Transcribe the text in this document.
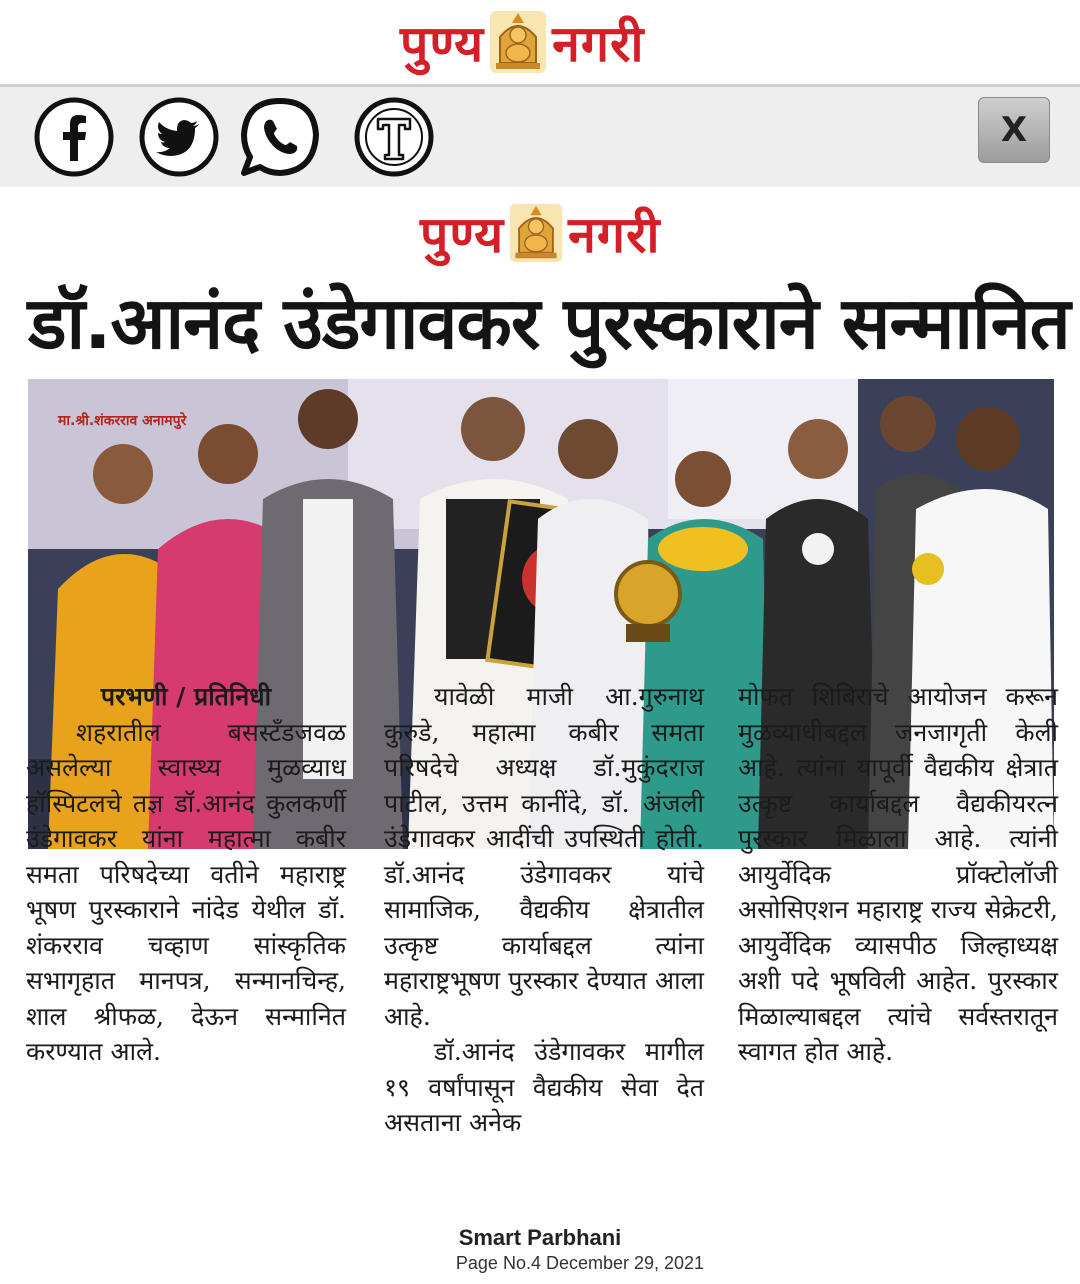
पुण्य नगरी
X
पुण्य नगरी
डॉ.आनंद उंडेगावकर पुरस्काराने सन्मानित
मा.श्री.शंकरराव अनामपुरे
परभणी / प्रतिनिधी
शहरातील बसस्टँडजवळ असलेल्या स्वास्थ्य मुळव्याध हॉस्पिटलचे तज्ञ डॉ.आनंद कुलकर्णी उंडेगावकर यांना महात्मा कबीर समता परिषदेच्या वतीने महाराष्ट्र भूषण पुरस्काराने नांदेड येथील डॉ. शंकरराव चव्हाण सांस्कृतिक सभागृहात मानपत्र, सन्मानचिन्ह, शाल श्रीफळ, देऊन सन्मानित करण्यात आले.
यावेळी माजी आ.गुरुनाथ कुरुडे, महात्मा कबीर समता परिषदेचे अध्यक्ष डॉ.मुकुंदराज पाटील, उत्तम कानींदे, डॉ. अंजली उंडेगावकर आदींची उपस्थिती होती. डॉ.आनंद उंडेगावकर यांचे सामाजिक, वैद्यकीय क्षेत्रातील उत्कृष्ट कार्याबद्दल त्यांना महाराष्ट्रभूषण पुरस्कार देण्यात आला आहे.
डॉ.आनंद उंडेगावकर मागील १९ वर्षांपासून वैद्यकीय सेवा देत असताना अनेक
मोफत शिबिराचे आयोजन करून मुळव्याधीबद्दल जनजागृती केली आहे. त्यांना यापूर्वी वैद्यकीय क्षेत्रात उत्कृष्ट कार्याबद्दल वैद्यकीयरत्न पुरस्कार मिळाला आहे. त्यांनी आयुर्वेदिक प्रॉक्टोलॉजी असोसिएशन महाराष्ट्र राज्य सेक्रेटरी, आयुर्वेदिक व्यासपीठ जिल्हाध्यक्ष अशी पदे भूषविली आहेत. पुरस्कार मिळाल्याबद्दल त्यांचे सर्वस्तरातून स्वागत होत आहे.
Smart Parbhani
Page No.4 December 29, 2021
